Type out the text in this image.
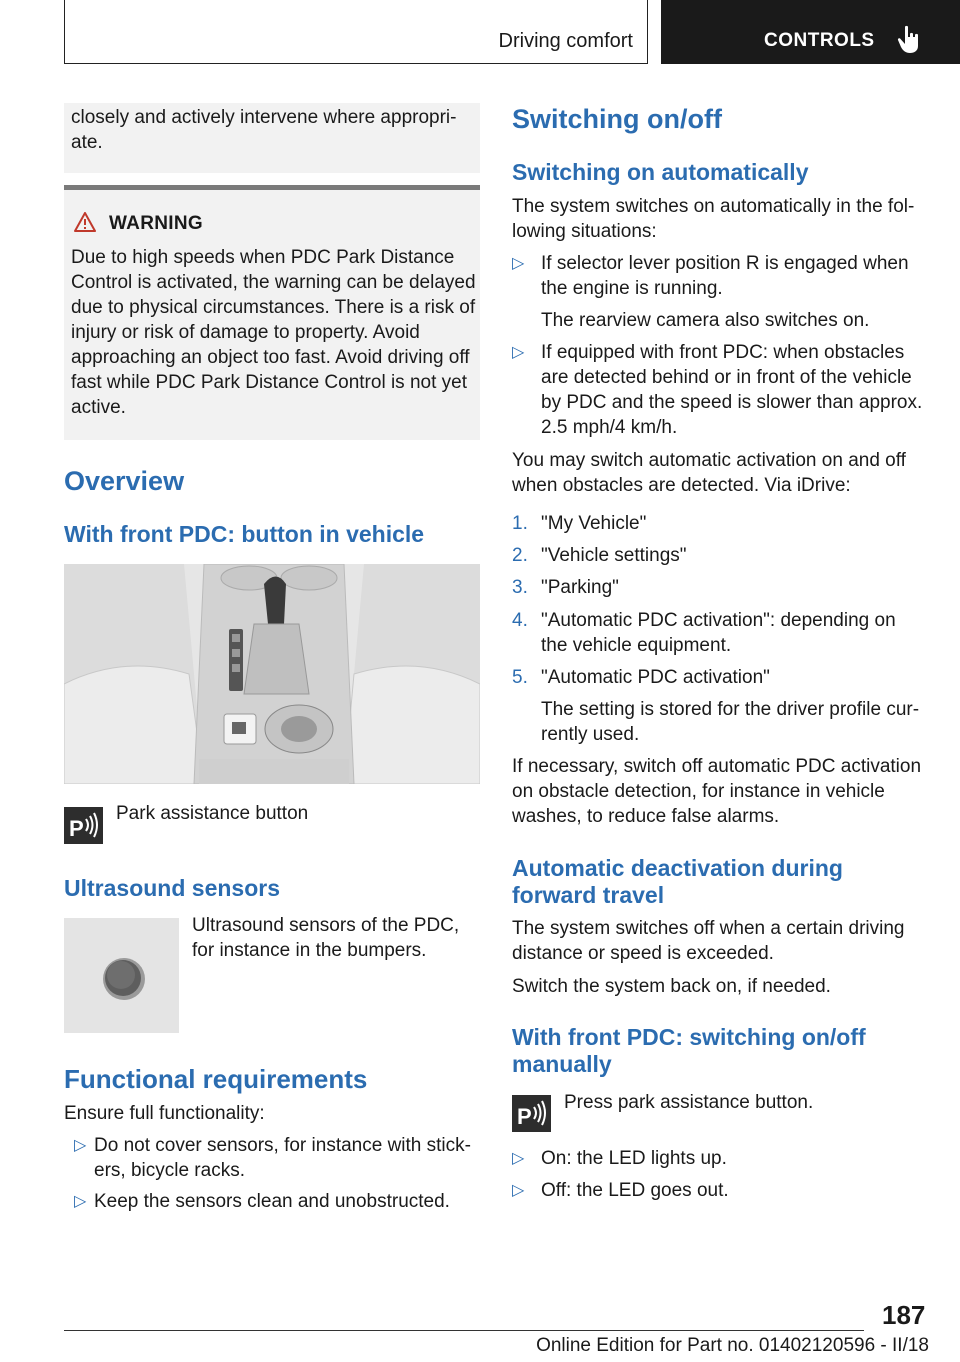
Driving comfort	CONTROLS
closely and actively intervene where appropriate.
WARNING
Due to high speeds when PDC Park Distance Control is activated, the warning can be delayed due to physical circumstances. There is a risk of injury or risk of damage to property. Avoid approaching an object too fast. Avoid driving off fast while PDC Park Distance Control is not yet active.
Overview
With front PDC: button in vehicle
P
Park assistance button
Ultrasound sensors
Ultrasound sensors of the PDC, for instance in the bumpers.
Functional requirements
Ensure full functionality:
▷ Do not cover sensors, for instance with stickers, bicycle racks.
▷ Keep the sensors clean and unobstructed.
Switching on/off
Switching on automatically
The system switches on automatically in the following situations:
▷ If selector lever position R is engaged when the engine is running.
The rearview camera also switches on.
▷ If equipped with front PDC: when obstacles are detected behind or in front of the vehicle by PDC and the speed is slower than approx. 2.5 mph/4 km/h.
You may switch automatic activation on and off when obstacles are detected. Via iDrive:
1. "My Vehicle"
2. "Vehicle settings"
3. "Parking"
4. "Automatic PDC activation": depending on the vehicle equipment.
5. "Automatic PDC activation"
The setting is stored for the driver profile currently used.
If necessary, switch off automatic PDC activation on obstacle detection, for instance in vehicle washes, to reduce false alarms.
Automatic deactivation during forward travel
The system switches off when a certain driving distance or speed is exceeded.
Switch the system back on, if needed.
With front PDC: switching on/off manually
P
Press park assistance button.
▷ On: the LED lights up.
▷ Off: the LED goes out.
187
Online Edition for Part no. 01402120596 - II/18
